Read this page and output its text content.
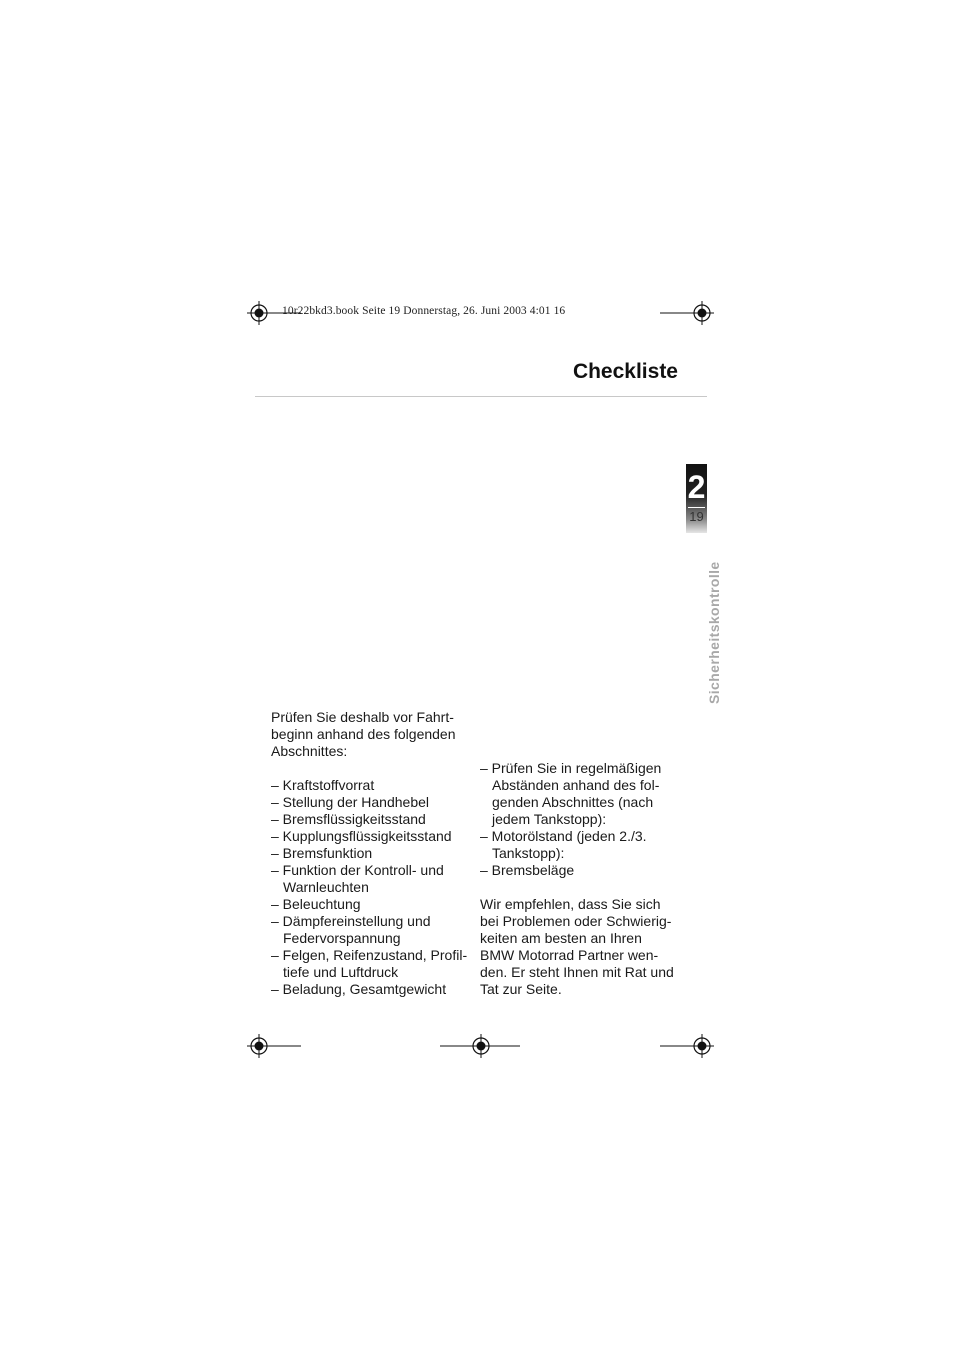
10r22bkd3.book Seite 19 Donnerstag, 26. Juni 2003 4:01 16
Checkliste
2
19
Sicherheitskontrolle

Prüfen Sie deshalb vor Fahrt-

beginn anhand des folgenden

Abschnittes:

– Kraftstoffvorrat
– Stellung der Handhebel
– Bremsflüssigkeitsstand
– Kupplungsflüssigkeitsstand
– Bremsfunktion
– Funktion der Kontroll- und Warnleuchten
– Beleuchtung
– Dämpfereinstellung und Federvorspannung
– Felgen, Reifenzustand, Profil-tiefe und Luftdruck
– Beladung, Gesamtgewicht
– Prüfen Sie in regelmäßigen Abständen anhand des fol-genden Abschnittes (nach jedem Tankstopp):
– Motorölstand (jeden 2./3. Tankstopp):
– Bremsbeläge

Wir empfehlen, dass Sie sich

bei Problemen oder Schwierig-

keiten am besten an Ihren

BMW Motorrad Partner wen-

den. Er steht Ihnen mit Rat und

Tat zur Seite.
